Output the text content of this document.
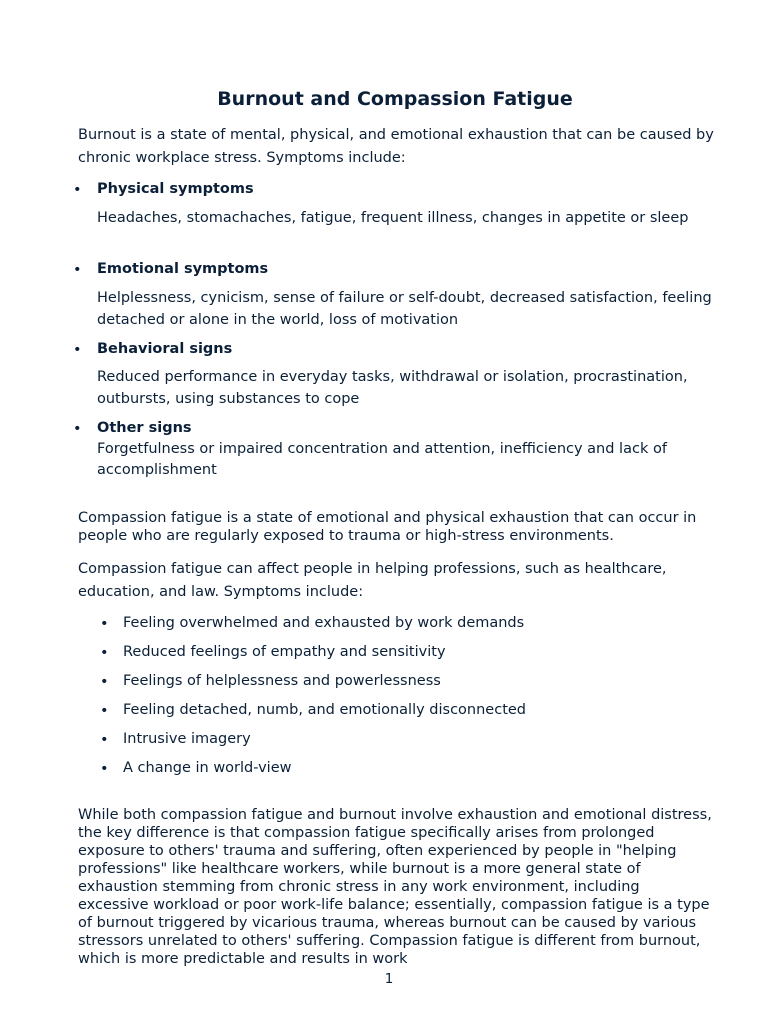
Burnout and Compassion Fatigue

Burnout is a state of mental, physical, and emotional exhaustion that can be caused by chronic workplace stress. Symptoms include:

• Physical symptoms

Headaches, stomachaches, fatigue, frequent illness, changes in appetite or sleep

• Emotional symptoms

Helplessness, cynicism, sense of failure or self-doubt, decreased satisfaction, feeling detached or alone in the world, loss of motivation

• Behavioral signs

Reduced performance in everyday tasks, withdrawal or isolation, procrastination, outbursts, using substances to cope

• Other signs

Forgetfulness or impaired concentration and attention, inefficiency and lack of accomplishment

Compassion fatigue is a state of emotional and physical exhaustion that can occur in people who are regularly exposed to trauma or high-stress environments.

Compassion fatigue can affect people in helping professions, such as healthcare, education, and law. Symptoms include:

• Feeling overwhelmed and exhausted by work demands

• Reduced feelings of empathy and sensitivity

• Feelings of helplessness and powerlessness

• Feeling detached, numb, and emotionally disconnected

• Intrusive imagery

• A change in world-view

While both compassion fatigue and burnout involve exhaustion and emotional distress, the key difference is that compassion fatigue specifically arises from prolonged exposure to others' trauma and suffering, often experienced by people in "helping professions" like healthcare workers, while burnout is a more general state of exhaustion stemming from chronic stress in any work environment, including excessive workload or poor work-life balance; essentially, compassion fatigue is a type of burnout triggered by vicarious trauma, whereas burnout can be caused by various stressors unrelated to others' suffering. Compassion fatigue is different from burnout, which is more predictable and results in work

1
